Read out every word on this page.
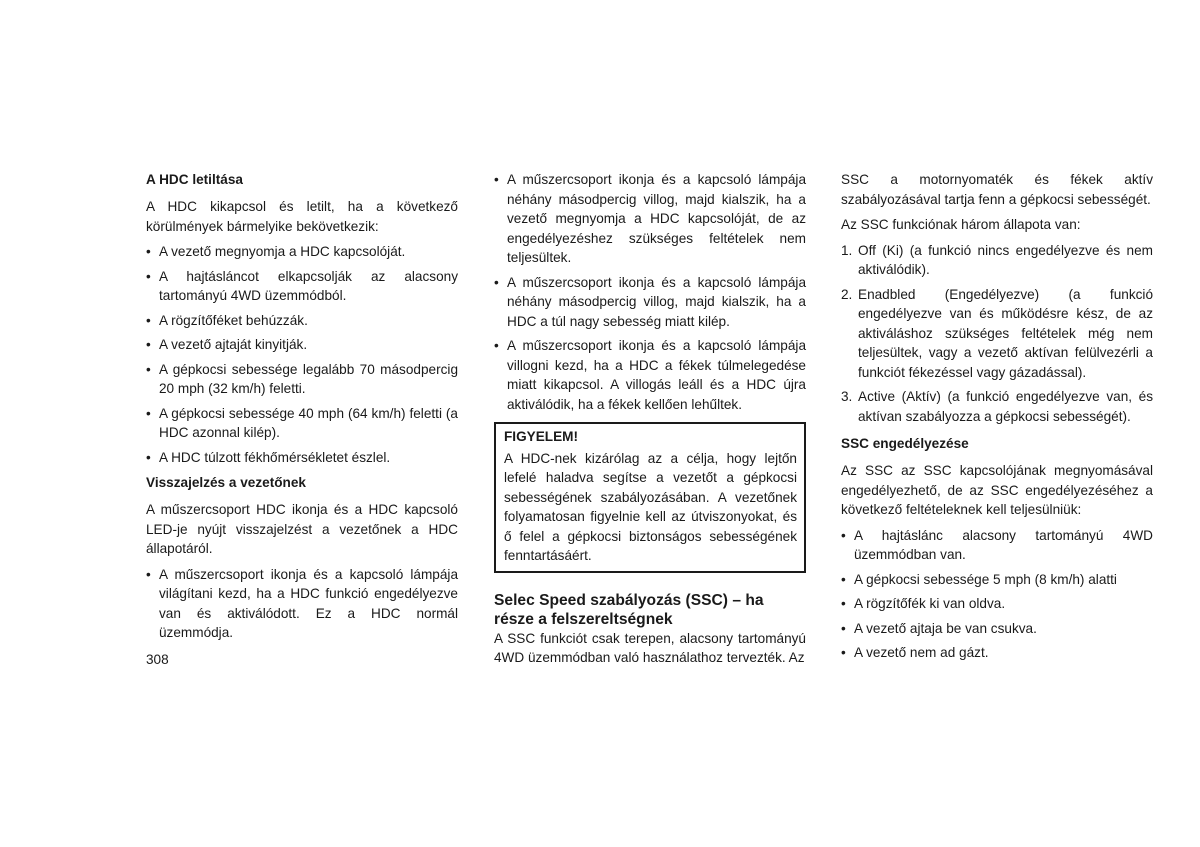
A HDC letiltása

A HDC kikapcsol és letilt, ha a következő körülmények bármelyike bekövetkezik:

• A vezető megnyomja a HDC kapcsolóját.
• A hajtásláncot elkapcsolják az alacsony tartományú 4WD üzemmódból.
• A rögzítőféket behúzzák.
• A vezető ajtaját kinyitják.
• A gépkocsi sebessége legalább 70 másodpercig 20 mph (32 km/h) feletti.
• A gépkocsi sebessége 40 mph (64 km/h) feletti (a HDC azonnal kilép).
• A HDC túlzott fékhőmérsékletet észlel.
Visszajelzés a vezetőnek

A műszercsoport HDC ikonja és a HDC kapcsoló LED-je nyújt visszajelzést a vezetőnek a HDC állapotáról.

• A műszercsoport ikonja és a kapcsoló lámpája világítani kezd, ha a HDC funkció engedélyezve van és aktiválódott. Ez a HDC normál üzemmódja.
• A műszercsoport ikonja és a kapcsoló lámpája néhány másodpercig villog, majd kialszik, ha a vezető megnyomja a HDC kapcsolóját, de az engedélyezéshez szükséges feltételek nem teljesültek.
• A műszercsoport ikonja és a kapcsoló lámpája néhány másodpercig villog, majd kialszik, ha a HDC a túl nagy sebesség miatt kilép.
• A műszercsoport ikonja és a kapcsoló lámpája villogni kezd, ha a HDC a fékek túlmelegedése miatt kikapcsol. A villogás leáll és a HDC újra aktiválódik, ha a fékek kellően lehűltek.
FIGYELEM!

A HDC-nek kizárólag az a célja, hogy lejtőn lefelé haladva segítse a vezetőt a gépkocsi sebességének szabályozásában. A vezetőnek folyamatosan figyelnie kell az útviszonyokat, és ő felel a gépkocsi biztonságos sebességének fenntartásáért.

Selec Speed szabályozás (SSC) – ha része a felszereltségnek

A SSC funkciót csak terepen, alacsony tartományú 4WD üzemmódban való használathoz tervezték. Az

SSC a motornyomaték és fékek aktív szabályozásával tartja fenn a gépkocsi sebességét.

Az SSC funkciónak három állapota van:

1. Off (Ki) (a funkció nincs engedélyezve és nem aktiválódik).
2. Enadbled (Engedélyezve) (a funkció engedélyezve van és működésre kész, de az aktiváláshoz szükséges feltételek még nem teljesültek, vagy a vezető aktívan felülvezérli a funkciót fékezéssel vagy gázadással).
3. Active (Aktív) (a funkció engedélyezve van, és aktívan szabályozza a gépkocsi sebességét).
SSC engedélyezése

Az SSC az SSC kapcsolójának megnyomásával engedélyezhető, de az SSC engedélyezéséhez a következő feltételeknek kell teljesülniük:

• A hajtáslánc alacsony tartományú 4WD üzemmódban van.
• A gépkocsi sebessége 5 mph (8 km/h) alatti
• A rögzítőfék ki van oldva.
• A vezető ajtaja be van csukva.
• A vezető nem ad gázt.
308
